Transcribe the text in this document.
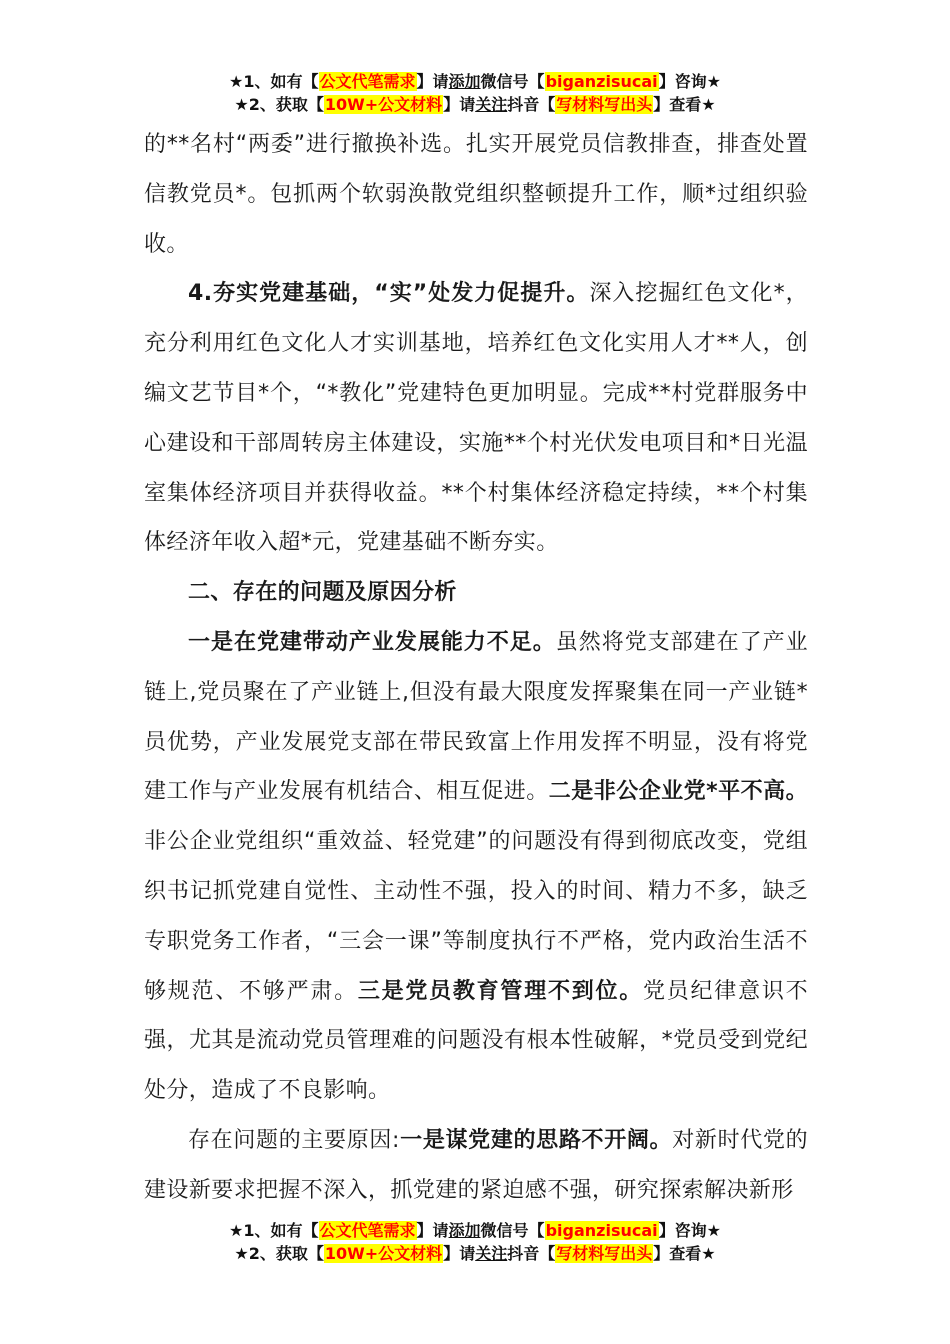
★1、如有【公文代笔需求】请添加微信号【biganzisucai】咨询★
★2、获取【10W+公文材料】请关注抖音【写材料写出头】查看★

的**名村“两委”进行撤换补选。扎实开展党员信教排查，排查处置信教党员*。包抓两个软弱涣散党组织整顿提升工作，顺*过组织验收。

4.夯实党建基础，“实”处发力促提升。深入挖掘红色文化*，充分利用红色文化人才实训基地，培养红色文化实用人才**人，创编文艺节目*个，“*教化”党建特色更加明显。完成**村党群服务中心建设和干部周转房主体建设，实施**个村光伏发电项目和*日光温室集体经济项目并获得收益。**个村集体经济稳定持续，**个村集体经济年收入超*元，党建基础不断夯实。

二、存在的问题及原因分析

一是在党建带动产业发展能力不足。虽然将党支部建在了产业链上,党员聚在了产业链上,但没有最大限度发挥聚集在同一产业链*员优势，产业发展党支部在带民致富上作用发挥不明显，没有将党建工作与产业发展有机结合、相互促进。二是非公企业党*平不高。非公企业党组织“重效益、轻党建”的问题没有得到彻底改变，党组织书记抓党建自觉性、主动性不强，投入的时间、精力不多，缺乏专职党务工作者，“三会一课”等制度执行不严格，党内政治生活不够规范、不够严肃。三是党员教育管理不到位。党员纪律意识不强，尤其是流动党员管理难的问题没有根本性破解，*党员受到党纪处分，造成了不良影响。

存在问题的主要原因:一是谋党建的思路不开阔。对新时代党的建设新要求把握不深入，抓党建的紧迫感不强，研究探索解决新形

★1、如有【公文代笔需求】请添加微信号【biganzisucai】咨询★
★2、获取【10W+公文材料】请关注抖音【写材料写出头】查看★
